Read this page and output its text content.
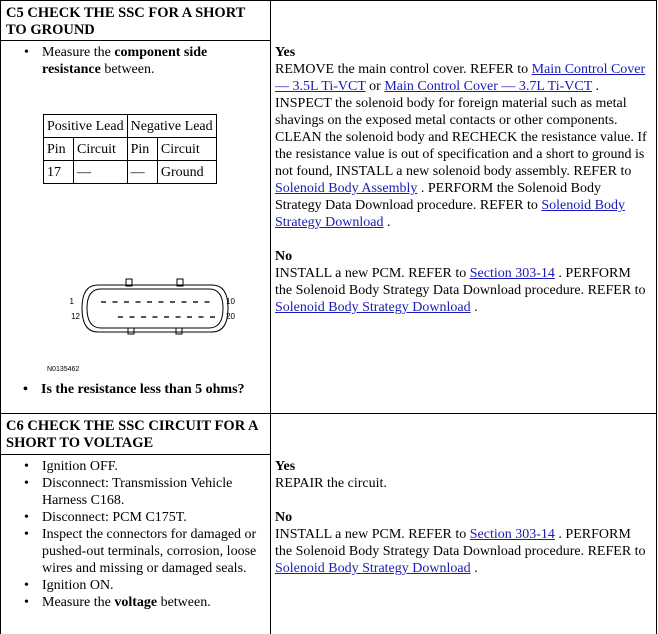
C5 CHECK THE SSC FOR A SHORT TO GROUND
• Measure the component side resistance between.
Positive Lead		Negative Lead	
Pin	Circuit	Pin	Circuit
17	—	—	Ground
1
12
10
20
N0135462
• Is the resistance less than 5 ohms?

Yes

REMOVE the main control cover. REFER to Main Control Cover — 3.5L Ti-VCT or Main Control Cover — 3.7L Ti-VCT . INSPECT the solenoid body for foreign material such as metal shavings on the exposed metal contacts or other components. CLEAN the solenoid body and RECHECK the resistance value. If the resistance value is out of specification and a short to ground is not found, INSTALL a new solenoid body assembly. REFER to Solenoid Body Assembly . PERFORM the Solenoid Body Strategy Data Download procedure. REFER to Solenoid Body Strategy Download .

No

INSTALL a new PCM. REFER to Section 303-14 . PERFORM the Solenoid Body Strategy Data Download procedure. REFER to Solenoid Body Strategy Download .

C6 CHECK THE SSC CIRCUIT FOR A SHORT TO VOLTAGE
• Ignition OFF.
• Disconnect: Transmission Vehicle Harness C168.
• Disconnect: PCM C175T.
• Inspect the connectors for damaged or pushed-out terminals, corrosion, loose wires and missing or damaged seals.
• Ignition ON.
• Measure the voltage between.

Yes

REPAIR the circuit.

No

INSTALL a new PCM. REFER to Section 303-14 . PERFORM the Solenoid Body Strategy Data Download procedure. REFER to Solenoid Body Strategy Download .
